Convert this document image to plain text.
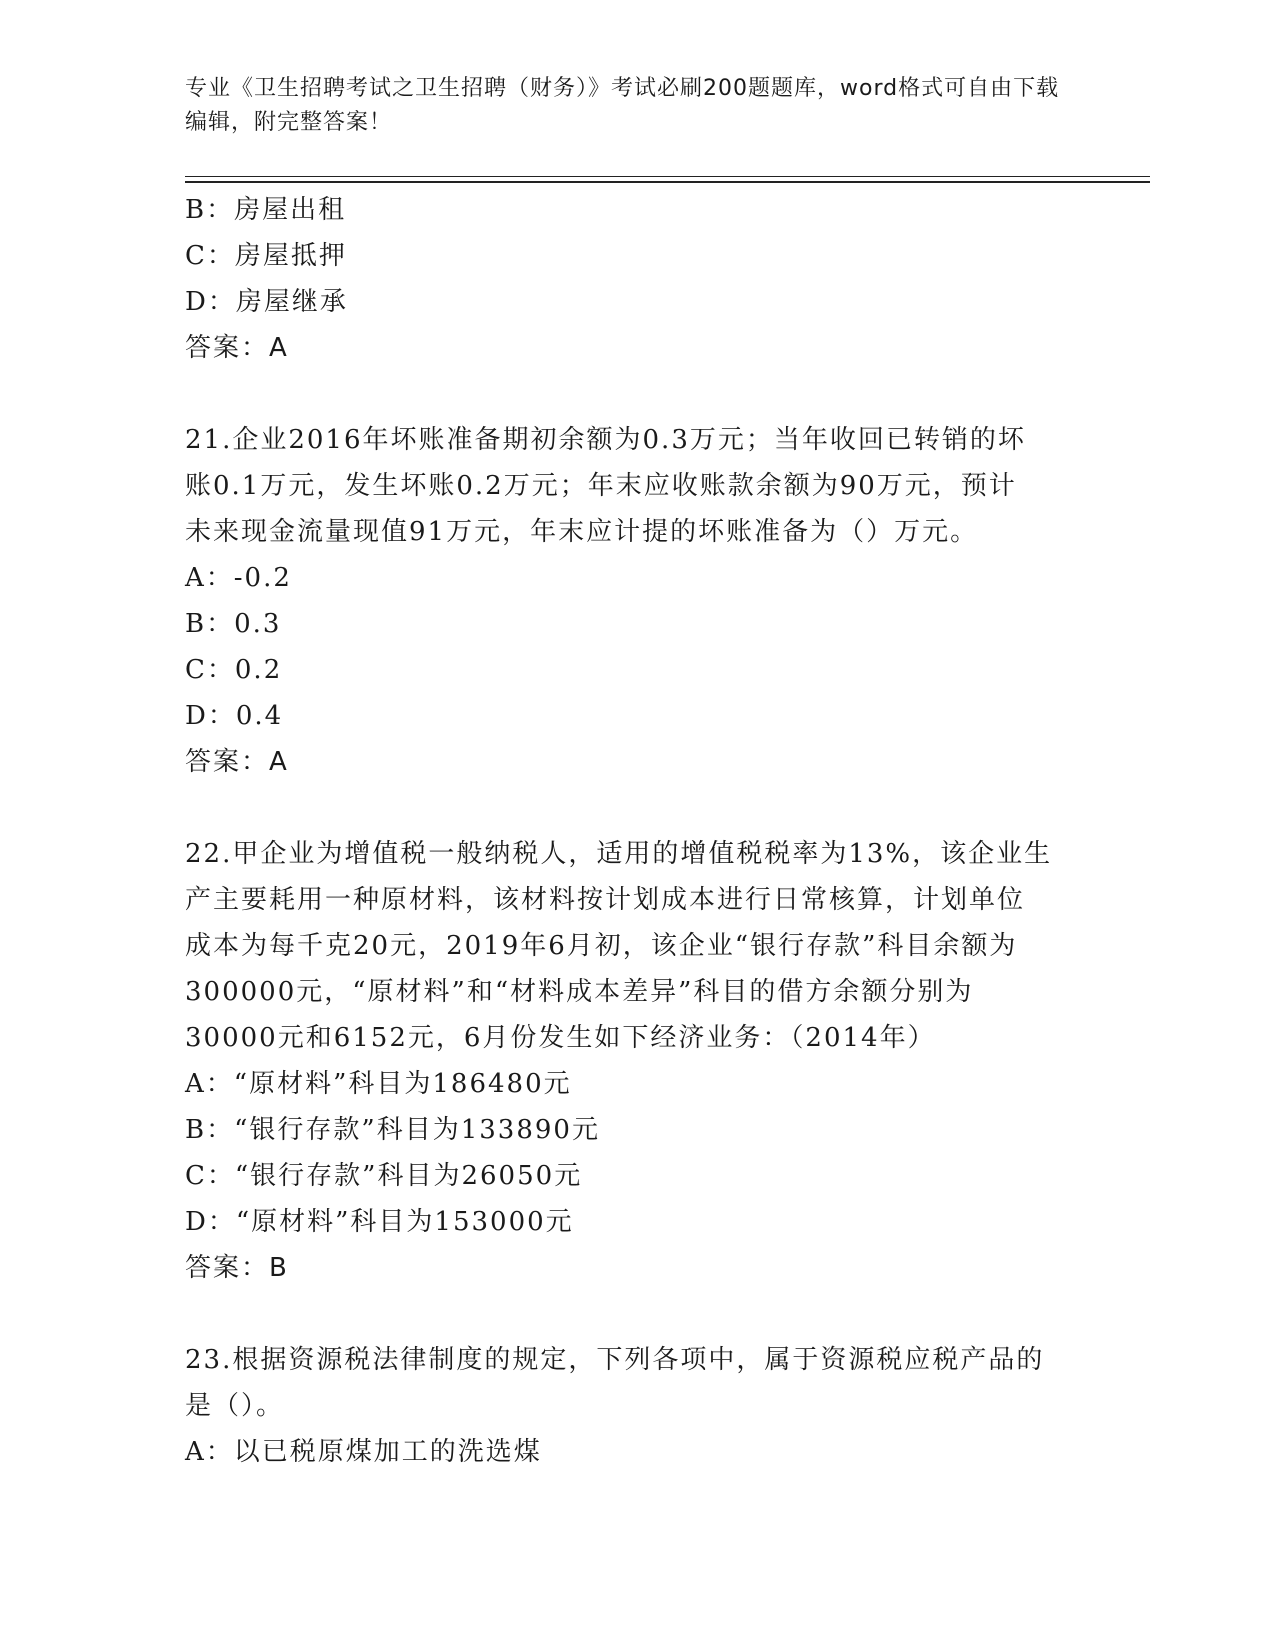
专业《卫生招聘考试之卫生招聘（财务）》考试必刷200题题库，word格式可自由下载编辑，附完整答案！
B：房屋出租
C：房屋抵押
D：房屋继承
答案：A
21.企业2016年坏账准备期初余额为0.3万元；当年收回已转销的坏
账0.1万元，发生坏账0.2万元；年末应收账款余额为90万元，预计
未来现金流量现值91万元，年末应计提的坏账准备为（）万元。
A：-0.2
B：0.3
C：0.2
D：0.4
答案：A
22.甲企业为增值税一般纳税人，适用的增值税税率为13%，该企业生
产主要耗用一种原材料，该材料按计划成本进行日常核算，计划单位
成本为每千克20元，2019年6月初，该企业“银行存款”科目余额为
300000元，“原材料”和“材料成本差异”科目的借方余额分别为
30000元和6152元，6月份发生如下经济业务：（2014年）
A：“原材料”科目为186480元
B：“银行存款”科目为133890元
C：“银行存款”科目为26050元
D：“原材料”科目为153000元
答案：B
23.根据资源税法律制度的规定，下列各项中，属于资源税应税产品的
是（）。
A：以已税原煤加工的洗选煤
